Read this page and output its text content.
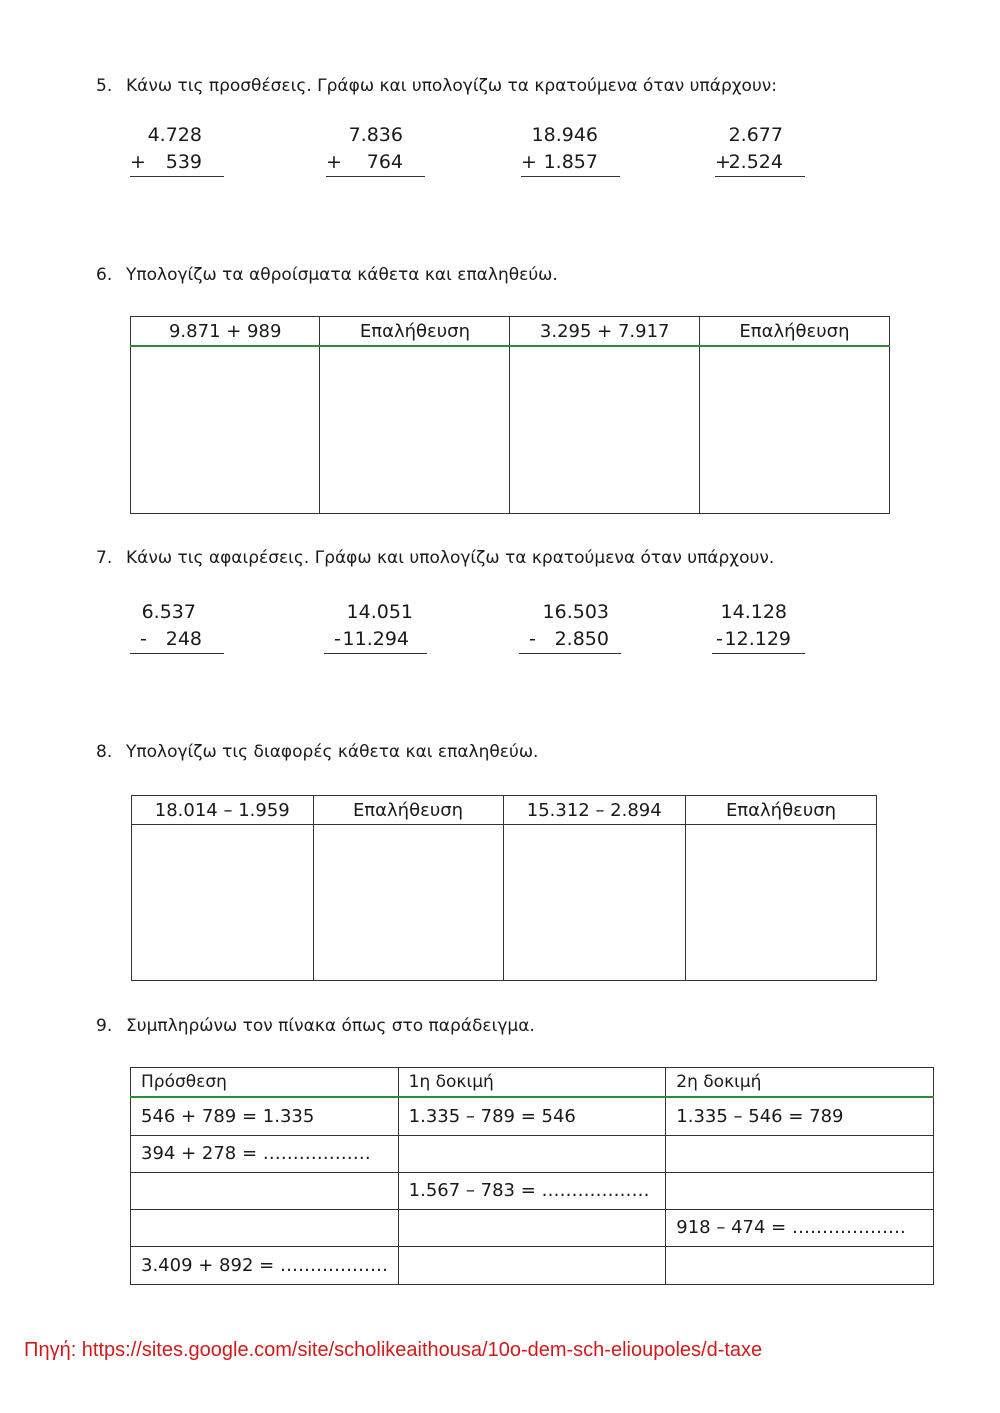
5. Κάνω τις προσθέσεις. Γράφω και υπολογίζω τα κρατούμενα όταν υπάρχουν:
4.728
+ 539
7.836
+ 764
18.946
+ 1.857
2.677
+
2.524
6. Υπολογίζω τα αθροίσματα κάθετα και επαληθεύω.
9.871 + 989	Επαλήθευση	3.295 + 7.917	Επαλήθευση

7. Κάνω τις αφαιρέσεις. Γράφω και υπολογίζω τα κρατούμενα όταν υπάρχουν.
6.537
- 248
14.051
- 11.294
16.503
- 2.850
14.128
- 12.129
8. Υπολογίζω τις διαφορές κάθετα και επαληθεύω.
18.014 – 1.959	Επαλήθευση	15.312 – 2.894	Επαλήθευση

9. Συμπληρώνω τον πίνακα όπως στο παράδειγμα.
Πρόσθεση	1η δοκιμή	2η δοκιμή
546 + 789 = 1.335	1.335 – 789 = 546	1.335 – 546 = 789
394 + 278 = ………………		
	1.567 – 783 = ………………	
		918 – 474 = ……………….
3.409 + 892 = ………………		
Πηγή: https://sites.google.com/site/scholikeaithousa/10o-dem-sch-elioupoles/d-taxe
